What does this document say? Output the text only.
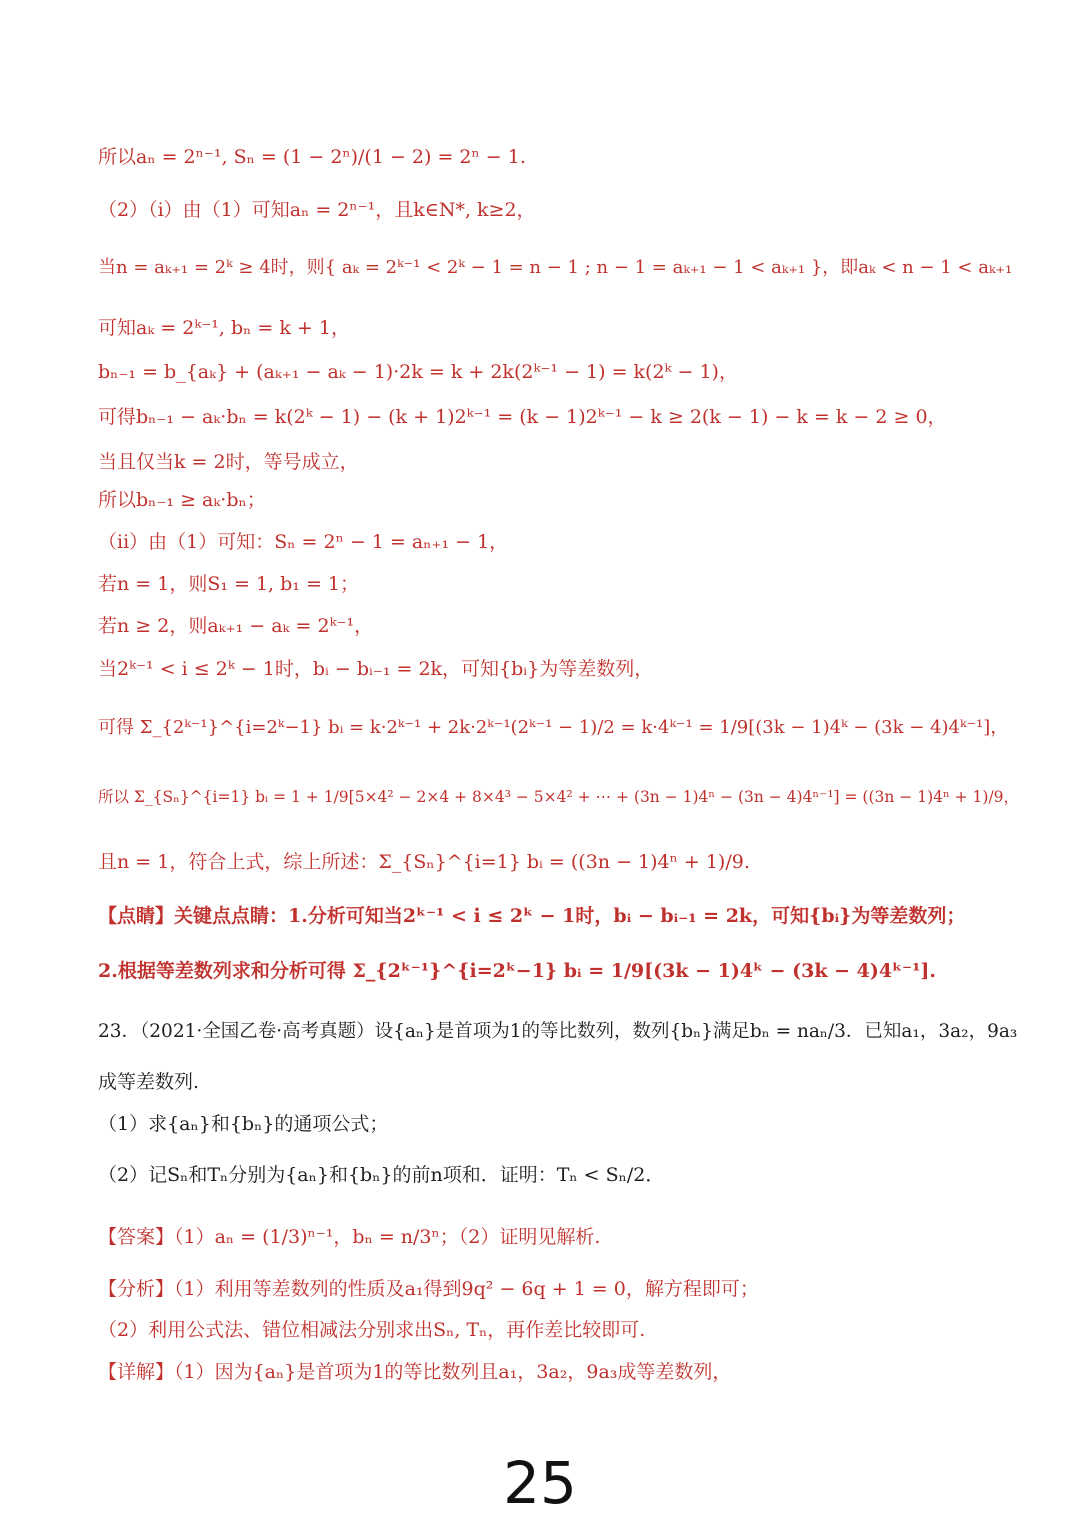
所以aₙ = 2ⁿ⁻¹, Sₙ = (1 − 2ⁿ)/(1 − 2) = 2ⁿ − 1.
（2）（i）由（1）可知aₙ = 2ⁿ⁻¹，且k∈N*, k≥2，
当n = aₖ₊₁ = 2ᵏ ≥ 4时，则{ aₖ = 2ᵏ⁻¹ < 2ᵏ − 1 = n − 1 ; n − 1 = aₖ₊₁ − 1 < aₖ₊₁ }，即aₖ < n − 1 < aₖ₊₁
可知aₖ = 2ᵏ⁻¹, bₙ = k + 1，
bₙ₋₁ = b_{aₖ} + (aₖ₊₁ − aₖ − 1)·2k = k + 2k(2ᵏ⁻¹ − 1) = k(2ᵏ − 1)，
可得bₙ₋₁ − aₖ·bₙ = k(2ᵏ − 1) − (k + 1)2ᵏ⁻¹ = (k − 1)2ᵏ⁻¹ − k ≥ 2(k − 1) − k = k − 2 ≥ 0，
当且仅当k = 2时，等号成立，
所以bₙ₋₁ ≥ aₖ·bₙ；
（ii）由（1）可知：Sₙ = 2ⁿ − 1 = aₙ₊₁ − 1，
若n = 1，则S₁ = 1, b₁ = 1；
若n ≥ 2，则aₖ₊₁ − aₖ = 2ᵏ⁻¹，
当2ᵏ⁻¹ < i ≤ 2ᵏ − 1时，bᵢ − bᵢ₋₁ = 2k，可知{bᵢ}为等差数列，
可得 Σ_{2ᵏ⁻¹}^{i=2ᵏ−1} bᵢ = k·2ᵏ⁻¹ + 2k·2ᵏ⁻¹(2ᵏ⁻¹ − 1)/2 = k·4ᵏ⁻¹ = 1/9[(3k − 1)4ᵏ − (3k − 4)4ᵏ⁻¹]，
所以 Σ_{Sₙ}^{i=1} bᵢ = 1 + 1/9[5×4² − 2×4 + 8×4³ − 5×4² + ⋯ + (3n − 1)4ⁿ − (3n − 4)4ⁿ⁻¹] = ((3n − 1)4ⁿ + 1)/9，
且n = 1，符合上式，综上所述：Σ_{Sₙ}^{i=1} bᵢ = ((3n − 1)4ⁿ + 1)/9.
【点睛】关键点点睛：1.分析可知当2ᵏ⁻¹ < i ≤ 2ᵏ − 1时，bᵢ − bᵢ₋₁ = 2k，可知{bᵢ}为等差数列；
2.根据等差数列求和分析可得 Σ_{2ᵏ⁻¹}^{i=2ᵏ−1} bᵢ = 1/9[(3k − 1)4ᵏ − (3k − 4)4ᵏ⁻¹].
23．（2021·全国乙卷·高考真题）设{aₙ}是首项为1的等比数列，数列{bₙ}满足bₙ = naₙ/3．已知a₁，3a₂，9a₃
成等差数列.
（1）求{aₙ}和{bₙ}的通项公式；
（2）记Sₙ和Tₙ分别为{aₙ}和{bₙ}的前n项和．证明：Tₙ < Sₙ/2．
【答案】（1）aₙ = (1/3)ⁿ⁻¹，bₙ = n/3ⁿ；（2）证明见解析.
【分析】（1）利用等差数列的性质及a₁得到9q² − 6q + 1 = 0，解方程即可；
（2）利用公式法、错位相减法分别求出Sₙ, Tₙ，再作差比较即可.
【详解】（1）因为{aₙ}是首项为1的等比数列且a₁，3a₂，9a₃成等差数列，
25
